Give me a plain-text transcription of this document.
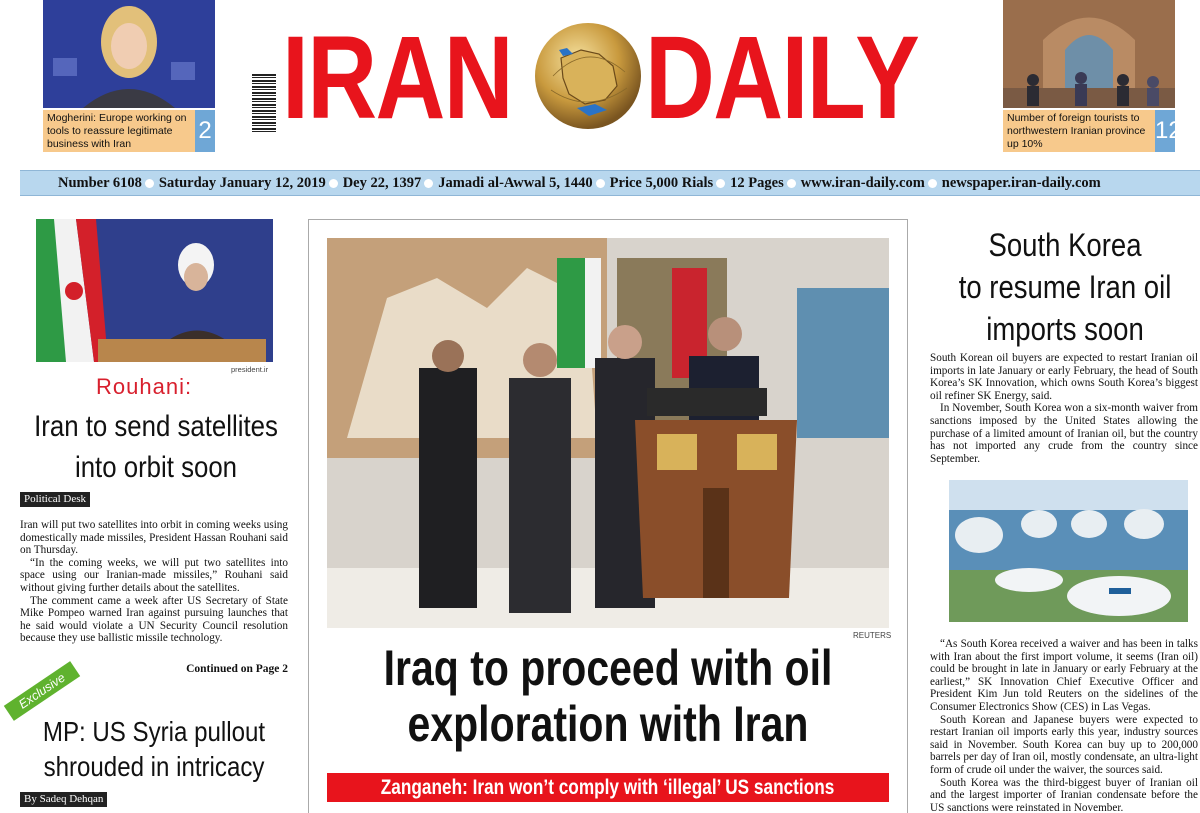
Mogherini: Europe working on tools to reassure legitimate business with Iran	2 IRAN DAILY	Number of foreign tourists to northwestern Iranian province up 10%	12
Number 6108 Saturday January 12, 2019 Dey 22, 1397 Jamadi al-Awwal 5, 1440 Price 5,000 Rials 12 Pages www.iran-daily.com newspaper.iran-daily.com
president.ir
Rouhani:
Iran to send satellites
into orbit soon
Political Desk

Iran will put two satellites into orbit in coming weeks using domestically made missiles, President Hassan Rouhani said on Thursday.

“In the coming weeks, we will put two satellites into space using our Iranian-made missiles,” Rouhani said without giving further details about the satellites.

The comment came a week after US Secretary of State Mike Pompeo warned Iran against pursuing launches that he said would violate a UN Security Council resolution because they use ballistic missile technology.

Continued on Page 2
Exclusive
MP: US Syria pullout
shrouded in intricacy
By Sadeq Dehqan
REUTERS
Iraq to proceed with oil
exploration with Iran
Zanganeh: Iran won’t comply with ‘illegal’ US sanctions
South Korea
to resume Iran oil
imports soon

South Korean oil buyers are expected to restart Iranian oil imports in late January or early February, the head of South Korea’s SK Innovation, which owns South Korea’s biggest oil refiner SK Energy, said.

In November, South Korea won a six-month waiver from sanctions imposed by the United States allowing the purchase of a limited amount of Iranian oil, but the country has not imported any crude from the country since September.

“As South Korea received a waiver and has been in talks with Iran about the first import volume, it seems (Iran oil) could be brought in late in January or early February at the earliest,” SK Innovation Chief Executive Officer and President Kim Jun told Reuters on the sidelines of the Consumer Electronics Show (CES) in Las Vegas.

South Korean and Japanese buyers were expected to restart Iranian oil imports early this year, industry sources said in November. South Korea can buy up to 200,000 barrels per day of Iran oil, mostly condensate, an ultra-light form of crude oil under the waiver, the sources said.

South Korea was the third-biggest buyer of Iranian oil and the largest importer of Iranian condensate before the US sanctions were reinstated in November.
